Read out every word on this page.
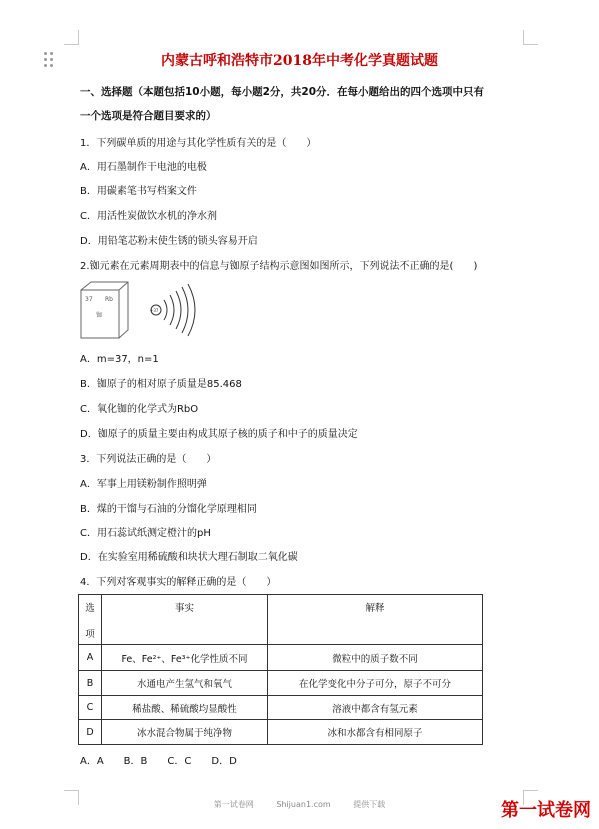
内蒙古呼和浩特市2018年中考化学真题试题
一、选择题（本题包括10小题，每小题2分，共20分．在每小题给出的四个选项中只有
一个选项是符合题目要求的）
1．下列碳单质的用途与其化学性质有关的是（　　）
A．用石墨制作干电池的电极
B．用碳素笔书写档案文件
C．用活性炭做饮水机的净水剂
D．用铅笔芯粉末使生锈的锁头容易开启
2.铷元素在元素周期表中的信息与铷原子结构示意图如图所示，下列说法不正确的是(　　)
37 Rb
铷
+37
A．m=37，n=1
B．铷原子的相对原子质量是85.468
C．氧化铷的化学式为RbO
D．铷原子的质量主要由构成其原子核的质子和中子的质量决定
3．下列说法正确的是（　　）
A．军事上用镁粉制作照明弹
B．煤的干馏与石油的分馏化学原理相同
C．用石蕊试纸测定橙汁的pH
D．在实验室用稀硫酸和块状大理石制取二氧化碳
4．下列对客观事实的解释正确的是（　　）
选
项	事实	解释
A	Fe、Fe²⁺、Fe³⁺化学性质不同	微粒中的质子数不同
B	水通电产生氢气和氧气	在化学变化中分子可分，原子不可分
C	稀盐酸、稀硫酸均显酸性	溶液中都含有氢元素
D	冰水混合物属于纯净物	冰和水都含有相同原子
A．A　　B．B　　C．C　　D．D
第一试卷网	Shijuan1.com	提供下载	第一试卷网
